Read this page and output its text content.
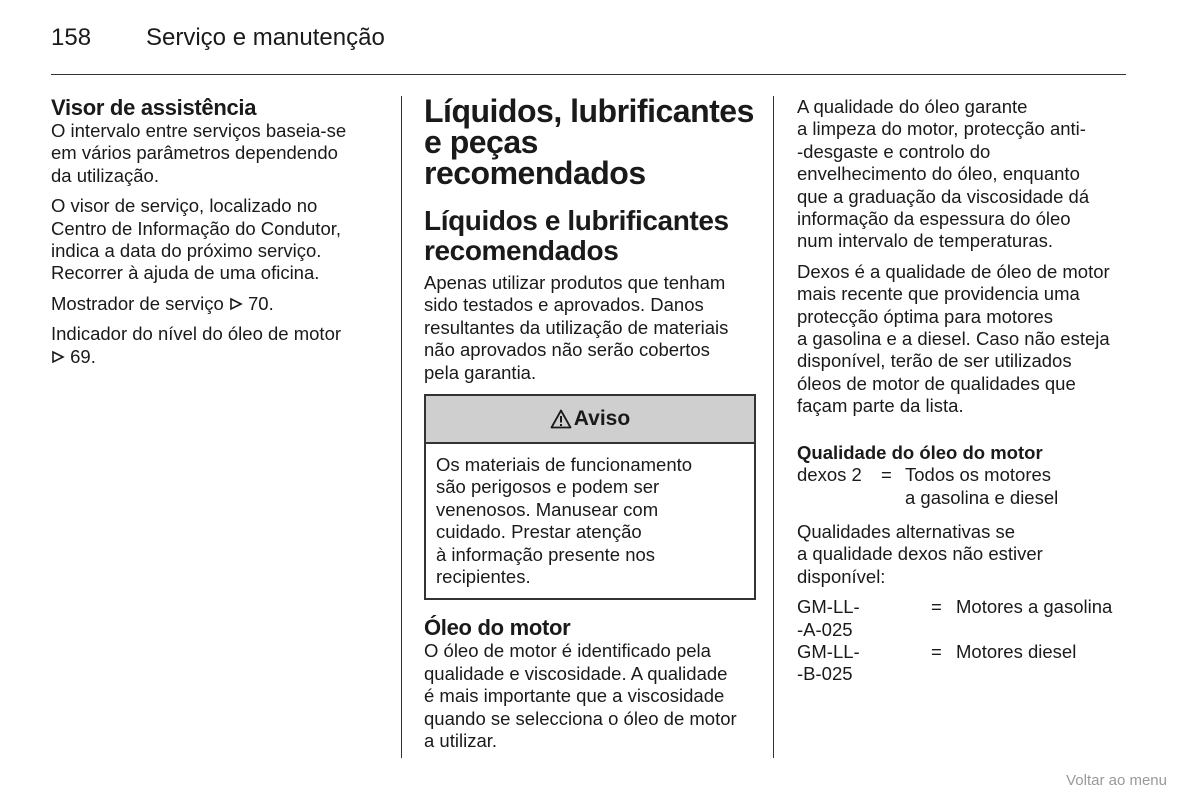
158	Serviço e manutenção
Visor de assistência

O intervalo entre serviços baseia-se
em vários parâmetros dependendo
da utilização.

O visor de serviço, localizado no
Centro de Informação do Condutor,
indica a data do próximo serviço.
Recorrer à ajuda de uma oficina.

Mostrador de serviço 70.

Indicador do nível do óleo de motor
69.

Líquidos, lubrificantes
e peças recomendados
Líquidos e lubrificantes
recomendados

Apenas utilizar produtos que tenham
sido testados e aprovados. Danos
resultantes da utilização de materiais
não aprovados não serão cobertos
pela garantia.

Aviso
Os materiais de funcionamento
são perigosos e podem ser
venenosos. Manusear com
cuidado. Prestar atenção
à informação presente nos
recipientes.
Óleo do motor

O óleo de motor é identificado pela
qualidade e viscosidade. A qualidade
é mais importante que a viscosidade
quando se selecciona o óleo de motor
a utilizar.

A qualidade do óleo garante
a limpeza do motor, protecção anti-
-desgaste e controlo do
envelhecimento do óleo, enquanto
que a graduação da viscosidade dá
informação da espessura do óleo
num intervalo de temperaturas.

Dexos é a qualidade de óleo de motor
mais recente que providencia uma
protecção óptima para motores
a gasolina e a diesel. Caso não esteja
disponível, terão de ser utilizados
óleos de motor de qualidades que
façam parte da lista.

Qualidade do óleo do motor
dexos 2	= Todos os motores
a gasolina e diesel

Qualidades alternativas se
a qualidade dexos não estiver
disponível:

GM-LL-
-A-025
= Motores a gasolina
GM-LL-
-B-025
= Motores diesel
Voltar ao menu
